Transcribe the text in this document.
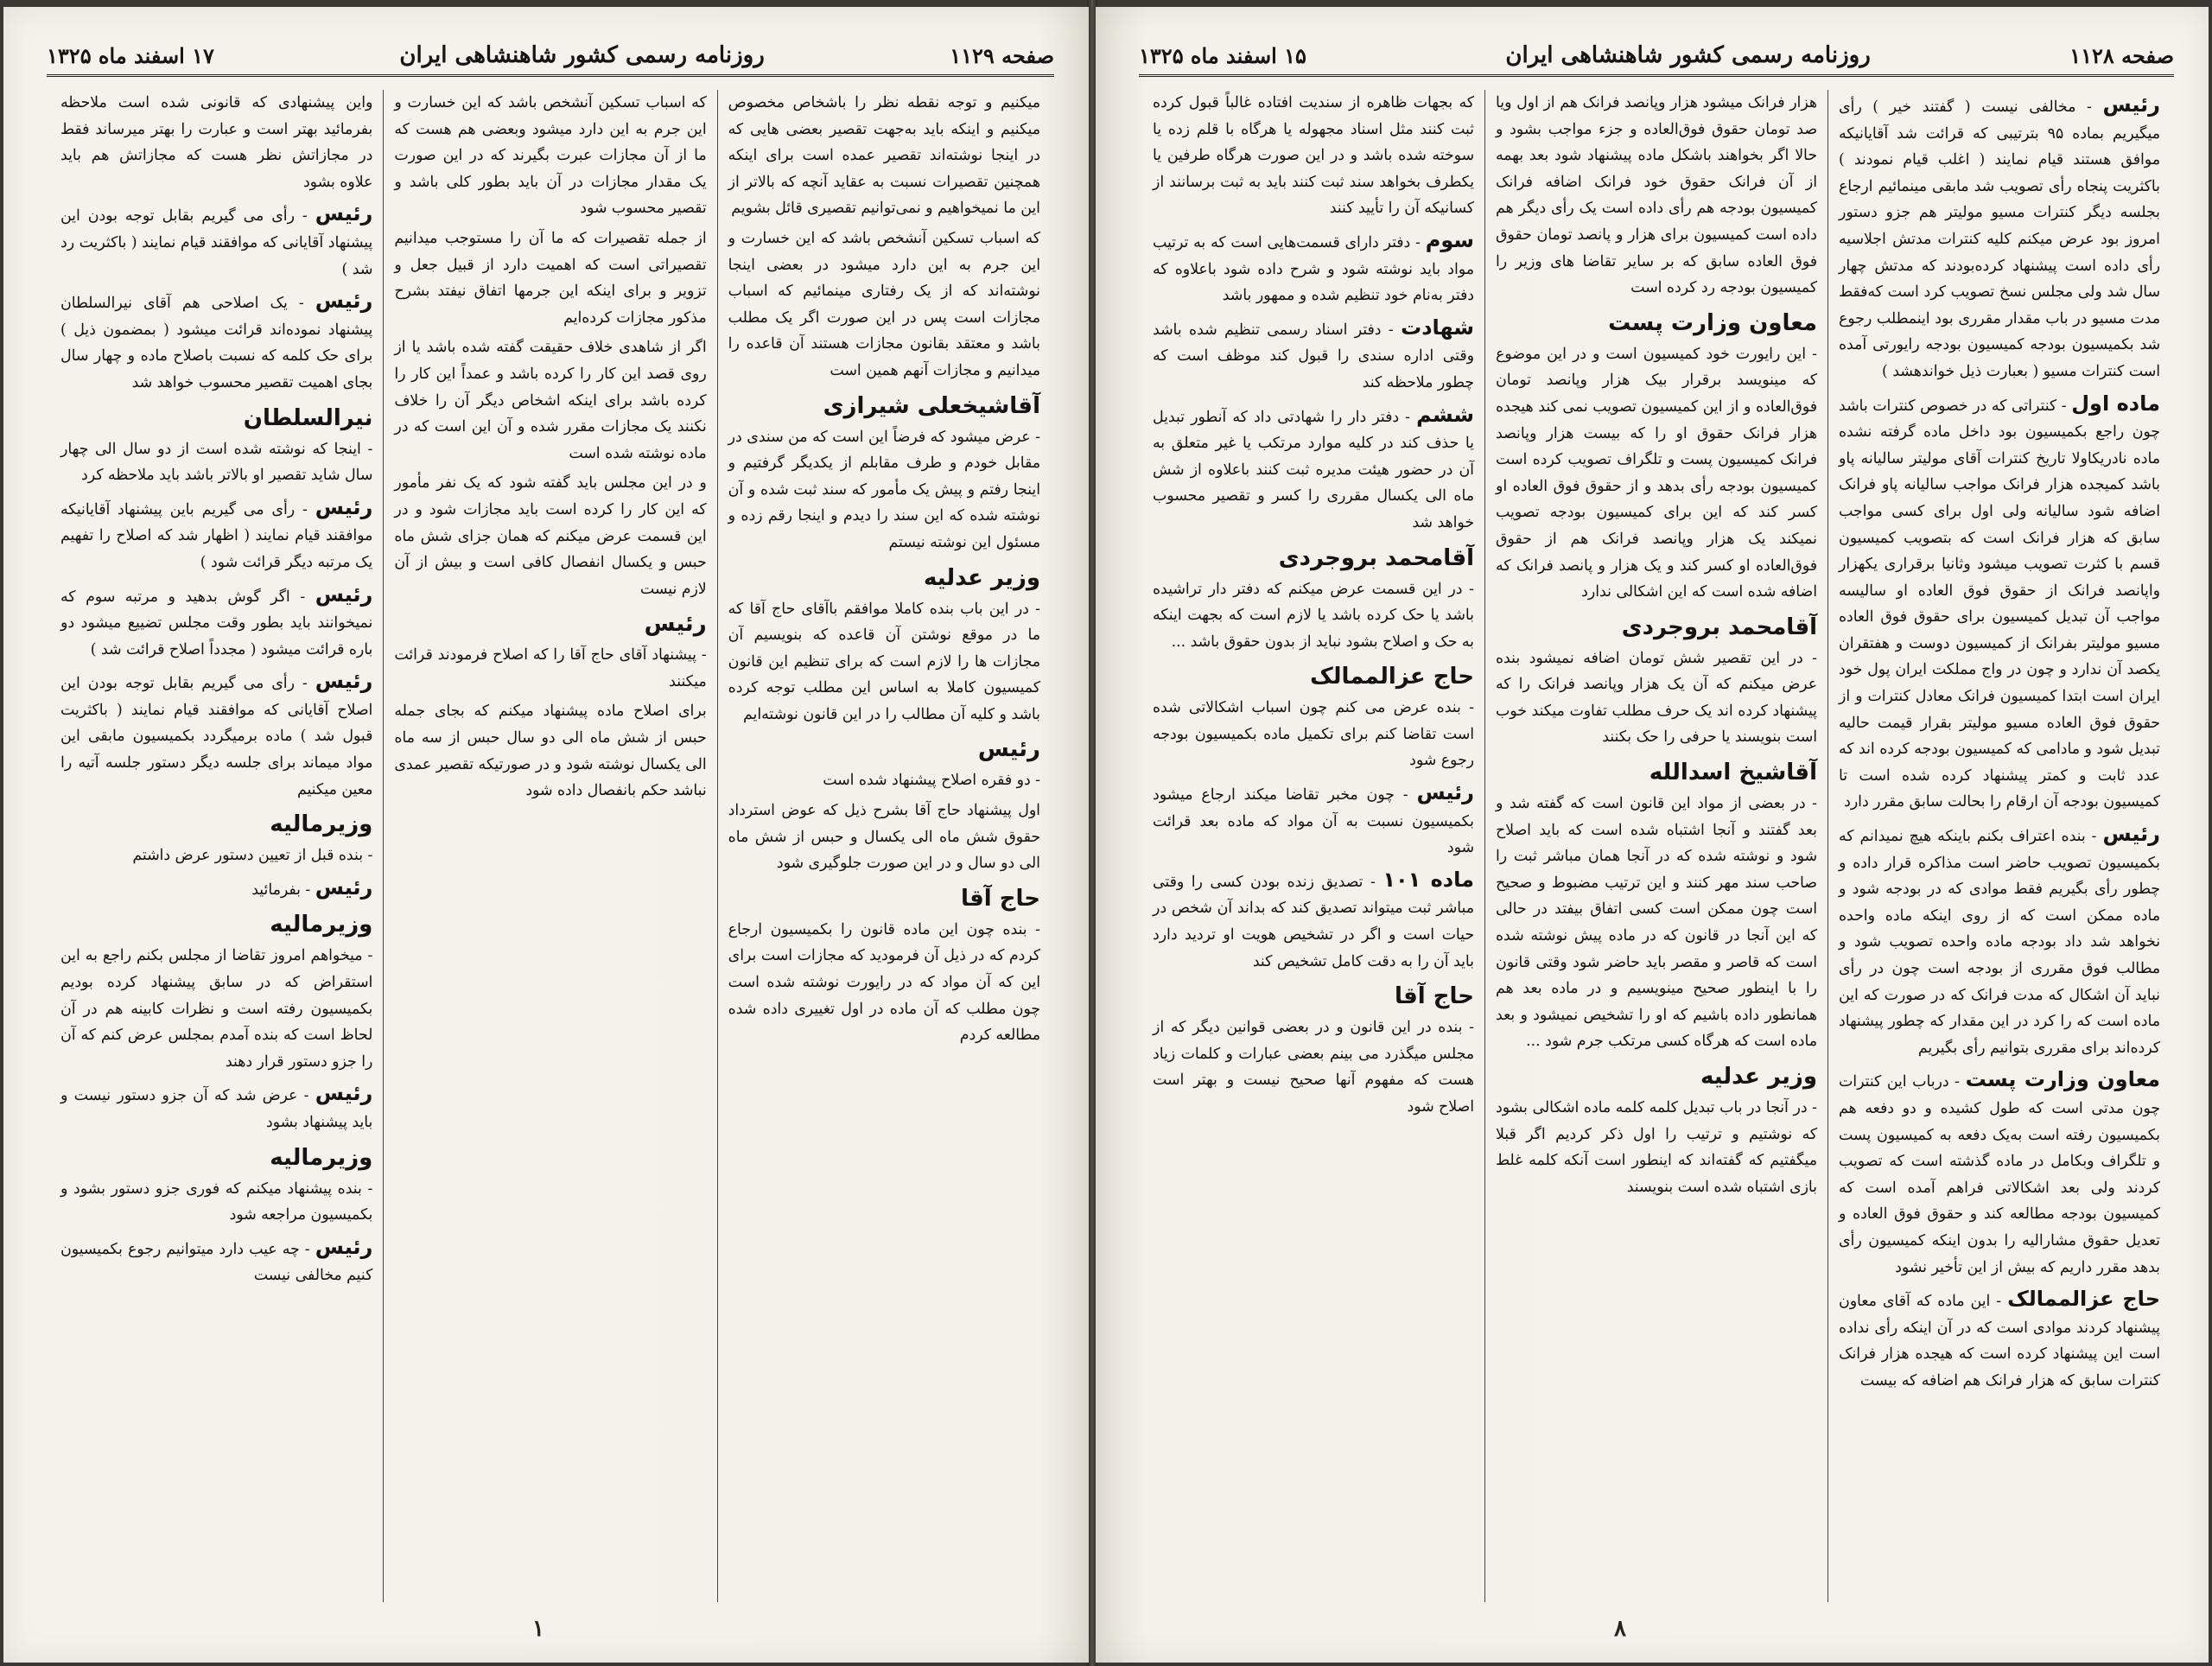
صفحه ۱۱۲۹
روزنامه رسمی کشور شاهنشاهی ایران
۱۷ اسفند ماه ۱۳۲۵
میکنیم و توجه نقطه نظر را باشخاص مخصوص میکنیم و اینکه باید به‌جهت تقصیر بعضی هایی که در اینجا نوشته‌اند تقصیر عمده است برای اینکه همچنین تقصیرات نسبت به عقاید آنچه که بالاتر از این ما نمیخواهیم و نمی‌توانیم تقصیری قائل بشویم
که اسباب تسکین آنشخص باشد که این خسارت و این جرم به این دارد میشود در بعضی اینجا نوشته‌اند که از یک رفتاری مینمائیم که اسباب مجازات است پس در این صورت اگر یک مطلب باشد و معتقد بقانون مجازات هستند آن قاعده را میدانیم و مجازات آنهم همین است
آقاشیخعلی شیرازی
- عرض میشود که فرضاً این است که من سندی در مقابل خودم و طرف مقابلم از یکدیگر گرفتیم و اینجا رفتم و پیش یک مأمور که سند ثبت شده و آن نوشته شده که این سند را دیدم و اینجا رقم زده و مسئول این نوشته نیستم
وزیر عدلیه
- در این باب بنده کاملا موافقم باآقای حاج آقا که ما در موقع نوشتن آن قاعده که بنویسیم آن مجازات ها را لازم است که برای تنظیم این قانون کمیسیون کاملا به اساس این مطلب توجه کرده باشد و کلیه آن مطالب را در این قانون نوشته‌ایم
رئیس
- دو فقره اصلاح پیشنهاد شده است
اول پیشنهاد حاج آقا بشرح ذیل که عوض استرداد حقوق شش ماه الی یکسال و حبس از شش ماه الی دو سال و در این صورت جلوگیری شود
حاج آقا
- بنده چون این ماده قانون را بکمیسیون ارجاع کردم که در ذیل آن فرمودید که مجازات است برای این که آن مواد که در رایورت نوشته شده است چون مطلب که آن ماده در اول تغییری داده شده مطالعه کردم
که اسباب تسکین آنشخص باشد که این خسارت و این جرم به این دارد میشود وبعضی هم هست که ما از آن مجازات عبرت بگیرند که در این صورت یک مقدار مجازات در آن باید بطور کلی باشد و تقصیر محسوب شود
از جمله تقصیرات که ما آن را مستوجب میدانیم تقصیراتی است که اهمیت دارد از قبیل جعل و تزویر و برای اینکه این جرمها اتفاق نیفتد بشرح مذکور مجازات کرده‌ایم
اگر از شاهدی خلاف حقیقت گفته شده باشد یا از روی قصد این کار را کرده باشد و عمداً این کار را کرده باشد برای اینکه اشخاص دیگر آن را خلاف نکنند یک مجازات مقرر شده و آن این است که در ماده نوشته شده است
و در این مجلس باید گفته شود که یک نفر مأمور که این کار را کرده است باید مجازات شود و در این قسمت عرض میکنم که همان جزای شش ماه حبس و یکسال انفصال کافی است و بیش از آن لازم نیست
رئیس
- پیشنهاد آقای حاج آقا را که اصلاح فرمودند قرائت میکنند
برای اصلاح ماده پیشنهاد میکنم که بجای جمله حبس از شش ماه الی دو سال حبس از سه ماه الی یکسال نوشته شود و در صورتیکه تقصیر عمدی نباشد حکم بانفصال داده شود
واین پیشنهادی که‌ قانونی شده است ملاحظه بفرمائید بهتر است و عبارت را بهتر میرساند فقط در مجازاتش نظر هست که مجازاتش هم باید علاوه بشود
رئیس - رأی می گیریم بقابل توجه بودن این پیشنهاد آقایانی که موافقند قیام نمایند ( باکثریت رد شد )
رئیس - یک اصلاحی هم آقای نیرالسلطان پیشنهاد نموده‌اند قرائت میشود ( بمضمون ذیل ) برای حک کلمه که نسبت باصلاح ماده و چهار سال بجای اهمیت تقصیر محسوب خواهد شد
نیرالسلطان
- اینجا که نوشته شده است از دو سال الی چهار سال شاید تقصیر او بالاتر باشد باید ملاحظه کرد
رئیس - رأی می گیریم باین پیشنهاد آقایانیکه موافقند قیام نمایند ( اظهار شد که اصلاح را تفهیم یک مرتبه دیگر قرائت شود )
رئیس - اگر گوش بدهید و مرتبه سوم که نمیخوانند باید بطور وقت مجلس تضییع میشود دو باره قرائت میشود ( مجدداً اصلاح قرائت شد )
رئیس - رأی می گیریم بقابل توجه بودن این اصلاح آقایانی که موافقند قیام نمایند ( باکثریت قبول شد ) ماده برمیگردد بکمیسیون مابقی این مواد میماند برای جلسه دیگر دستور جلسه آتیه را معین میکنیم
وزیرمالیه
- بنده قبل از تعیین دستور عرض داشتم
رئیس - بفرمائید
وزیرمالیه
- میخواهم امروز تقاضا از مجلس بکنم راجع به این استقراض که در سابق پیشنهاد کرده بودیم بکمیسیون رفته است و نظرات کابینه هم در آن لحاظ است که بنده آمدم بمجلس عرض کنم که آن را جزو دستور قرار دهند
رئیس - عرض شد که آن جزو دستور نیست و باید پیشنهاد بشود
وزیرمالیه
- بنده پیشنهاد میکنم که فوری جزو دستور بشود و بکمیسیون مراجعه شود
رئیس - چه عیب دارد میتوانیم رجوع بکمیسیون کنیم مخالفی نیست
۱
صفحه ۱۱۲۸
روزنامه رسمی کشور شاهنشاهی ایران
۱۵ اسفند ماه ۱۳۲۵
رئیس - مخالفی نیست ( گفتند خیر ) رأی میگیریم بماده ۹۵ بترتیبی که قرائت شد آقایانیکه موافق هستند قیام نمایند ( اغلب قیام نمودند ) باکثریت پنجاه رأی تصویب شد مابقی مینمائیم ارجاع بجلسه دیگر کنترات مسیو مولیتر هم جزو دستور امروز بود عرض میکنم کلیه کنترات مدتش اجلاسیه رأی داده است پیشنهاد کرده‌بودند که مدتش چهار سال شد ولی مجلس نسخ تصویب کرد است که‌فقط مدت مسیو در باب مقدار مقرری بود اینمطلب رجوع شد بکمیسیون بودجه کمیسیون بودجه رایورتی آمده است کنترات مسیو ( بعبارت ذیل خواندهشد )
ماده اول - کنتراتی که در خصوص کنترات باشد چون راجع بکمیسیون بود داخل ماده گرفته نشده ماده نادریکاولا تاریخ کنترات آقای مولیتر سالیانه پاو باشد کمیجده هزار فرانک مواجب سالیانه پاو فرانک اضافه شود سالیانه ولی اول برای کسی مواجب سابق که هزار فرانک است که بتصویب کمیسیون قسم با کثرت تصویب میشود وثانیا برقراری یکهزار واپانصد فرانک از حقوق فوق العاده او سالیسه مواجب آن تبدیل کمیسیون برای حقوق فوق العاده مسیو مولیتر بفرانک از کمیسیون دوست و هفتقران یکصد آن ندارد و چون در واج مملکت ایران پول خود ایران است ابتدا کمیسیون فرانک معادل کنترات و از حقوق فوق العاده مسیو مولیتر بقرار قیمت حالیه تبدیل شود و مادامی که کمیسیون بودجه کرده اند که عدد ثابت و کمتر پیشنهاد کرده شده است تا کمیسیون بودجه آن ارقام را بحالت سابق مقرر دارد
رئیس - بنده اعتراف بکنم باینکه هیچ نمیدانم که بکمیسیون تصویب حاضر است مذاکره قرار داده و چطور رأی بگیریم فقط موادی که در بودجه شود و ماده ممکن است که از روی اینکه ماده واحده نخواهد شد داد بودجه ماده واحده تصویب شود و مطالب فوق مقرری از بودجه است چون در رأی نباید آن اشکال که مدت فرانک که در صورت که این ماده است که را کرد در این مقدار که چطور پیشنهاد کرده‌اند برای مقرری بتوانیم رأی بگیریم
معاون وزارت پست - درباب این کنترات چون مدتی است که طول کشیده و دو دفعه هم بکمیسیون رفته است به‌یک دفعه به کمیسیون پست و تلگراف وبکامل در ماده گذشته است که تصویب کردند ولی بعد اشکالاتی فراهم آمده است که کمیسیون بودجه مطالعه کند و حقوق فوق العاده و تعدیل حقوق مشارالیه را بدون اینکه کمیسیون رأی بدهد مقرر داریم که بیش از این تأخیر نشود
حاج عزالممالک - این ماده که آقای معاون پیشنهاد کردند موادی است که در آن اینکه رأی نداده است این پیشنهاد کرده است که هیجده هزار فرانک کنترات سابق که هزار فرانک هم اضافه که بیست
هزار فرانک میشود هزار وپانصد فرانک هم از اول ویا صد تومان حقوق فوق‌العاده و جزء مواجب بشود و حالا اگر بخواهند باشکل ماده پیشنهاد شود بعد بهمه از آن فرانک حقوق خود فرانک اضافه فرانک کمیسیون بودجه هم رأی داده است یک رأی دیگر هم داده است کمیسیون برای هزار و پانصد تومان حقوق فوق العاده سابق که بر سایر تقاضا های وزیر را کمیسیون بودجه رد کرده است
معاون وزارت پست
- این رایورت خود کمیسیون است و در این موضوع که مینویسد برقرار بیک هزار وپانصد تومان فوق‌العاده و از این کمیسیون تصویب نمی کند هیجده هزار فرانک حقوق او را که بیست هزار وپانصد فرانک کمیسیون پست و تلگراف تصویب کرده است کمیسیون بودجه رأی بدهد و از حقوق فوق العاده او کسر کند که این برای کمیسیون بودجه تصویب نمیکند یک هزار وپانصد فرانک هم از حقوق فوق‌العاده او کسر کند و یک هزار و پانصد فرانک که اضافه شده است که این اشکالی ندارد
آقامحمد بروجردی
- در این تقصیر شش تومان اضافه نمیشود بنده عرض میکنم که آن یک هزار وپانصد فرانک را که پیشنهاد کرده اند یک حرف مطلب تفاوت میکند خوب است بنویسند یا حرفی را حک بکنند
آقاشیخ اسدالله
- در بعضی از مواد این قانون است که گفته شد و بعد گفتند و آنجا اشتباه شده است که باید اصلاح شود و نوشته شده که در آنجا همان مباشر ثبت را صاحب سند مهر کنند و این ترتیب مضبوط و صحیح است چون ممکن است کسی اتفاق بیفتد در حالی که این آنجا در قانون که در ماده پیش نوشته شده است که قاصر و مقصر باید حاضر شود وقتی قانون را با اینطور صحیح مینویسیم و در ماده بعد هم همانطور داده باشیم که او را تشخیص نمیشود و بعد ماده است که هرگاه کسی مرتکب جرم شود ...
وزیر عدلیه
- در آنجا در باب تبدیل کلمه کلمه ماده اشکالی بشود که نوشتیم و ترتیب را اول ذکر کردیم اگر قبلا میگفتیم که گفته‌اند که اینطور است آنکه کلمه غلط بازی اشتباه شده است بنویسند
که بجهات ظاهره از سندیت افتاده غالباً قبول کرده ثبت کنند مثل اسناد مجهوله یا هرگاه با قلم زده یا سوخته شده باشد و در این صورت هرگاه طرفین یا یکطرف بخواهد سند ثبت کنند باید به ثبت برسانند از کسانیکه آن را تأیید کنند
سوم - دفتر دارای قسمت‌هایی است که به ترتیب مواد باید نوشته شود و شرح داده شود باعلاوه که دفتر به‌نام خود تنظیم شده و ممهور باشد
شهادت - دفتر اسناد رسمی تنظیم شده باشد وقتی اداره سندی را قبول کند موظف است که چطور ملاحظه کند
ششم - دفتر دار را شهادتی داد که آنطور تبدیل یا حذف کند در کلیه موارد مرتکب یا غیر متعلق به آن در حضور هیئت مدیره ثبت کنند باعلاوه از شش ماه الی یکسال مقرری را کسر و تقصیر محسوب خواهد شد
آقامحمد بروجردی
- در این قسمت عرض میکنم که دفتر دار تراشیده باشد یا حک کرده باشد یا لازم است که بجهت اینکه به حک و اصلاح بشود نباید از بدون حقوق باشد ...
حاج عزالممالک
- بنده عرض می کنم چون اسباب اشکالاتی شده است تقاضا کنم برای تکمیل ماده بکمیسیون بودجه رجوع شود
رئیس - چون مخبر تقاضا میکند ارجاع میشود بکمیسیون نسبت به آن مواد که ماده بعد قرائت شود
ماده ۱۰۱ - تصدیق زنده بودن کسی را وقتی مباشر ثبت میتواند تصدیق کند که بداند آن شخص در حیات است و اگر در تشخیص هویت او تردید دارد باید آن را به دقت کامل تشخیص کند
حاج آقا
- بنده در این قانون و در بعضی قوانین دیگر که از مجلس میگذرد می بینم بعضی عبارات و کلمات زیاد هست که مفهوم آنها صحیح نیست و بهتر است اصلاح شود
۸
